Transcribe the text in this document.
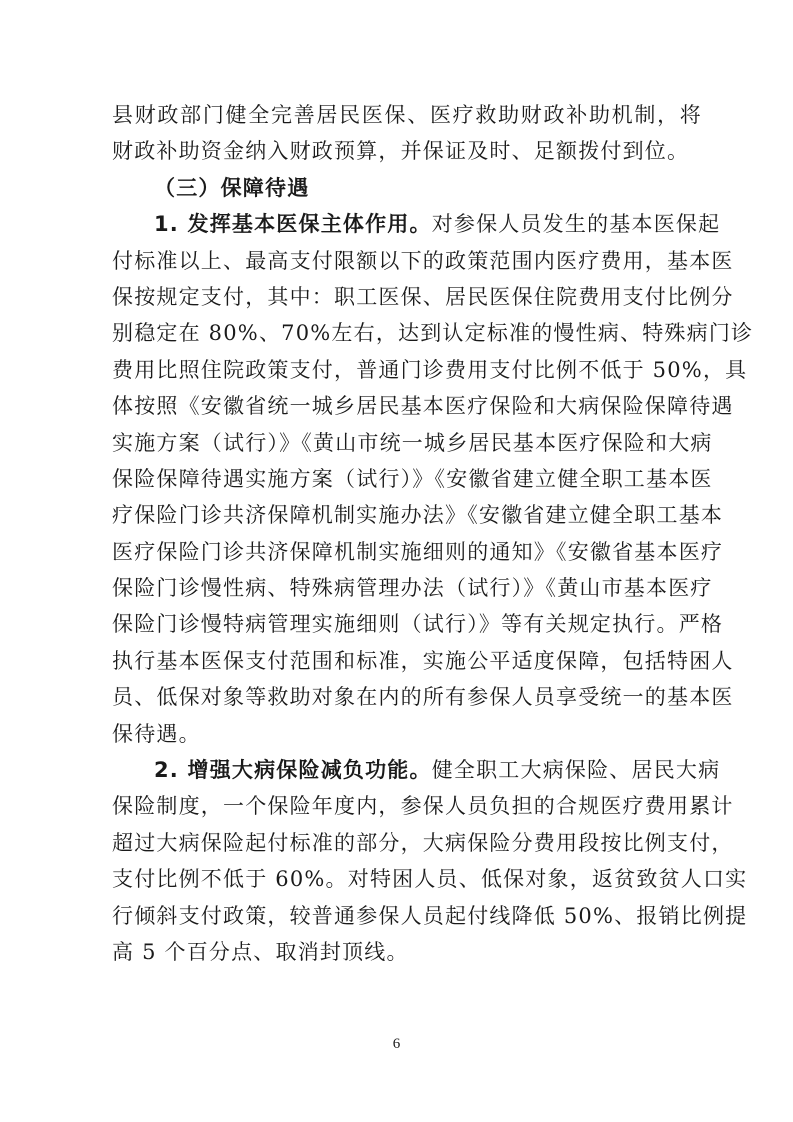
县财政部门健全完善居民医保、医疗救助财政补助机制，将
财政补助资金纳入财政预算，并保证及时、足额拨付到位。
（三）保障待遇
1. 发挥基本医保主体作用。对参保人员发生的基本医保起
付标准以上、最高支付限额以下的政策范围内医疗费用，基本医
保按规定支付，其中：职工医保、居民医保住院费用支付比例分
别稳定在 80%、70%左右，达到认定标准的慢性病、特殊病门诊
费用比照住院政策支付，普通门诊费用支付比例不低于 50%，具
体按照《安徽省统一城乡居民基本医疗保险和大病保险保障待遇
实施方案（试行）》《黄山市统一城乡居民基本医疗保险和大病
保险保障待遇实施方案（试行）》《安徽省建立健全职工基本医
疗保险门诊共济保障机制实施办法》《安徽省建立健全职工基本
医疗保险门诊共济保障机制实施细则的通知》《安徽省基本医疗
保险门诊慢性病、特殊病管理办法（试行）》《黄山市基本医疗
保险门诊慢特病管理实施细则（试行）》等有关规定执行。严格
执行基本医保支付范围和标准，实施公平适度保障，包括特困人
员、低保对象等救助对象在内的所有参保人员享受统一的基本医
保待遇。
2. 增强大病保险减负功能。健全职工大病保险、居民大病
保险制度，一个保险年度内，参保人员负担的合规医疗费用累计
超过大病保险起付标准的部分，大病保险分费用段按比例支付，
支付比例不低于 60%。对特困人员、低保对象，返贫致贫人口实
行倾斜支付政策，较普通参保人员起付线降低 50%、报销比例提
高 5 个百分点、取消封顶线。
6
